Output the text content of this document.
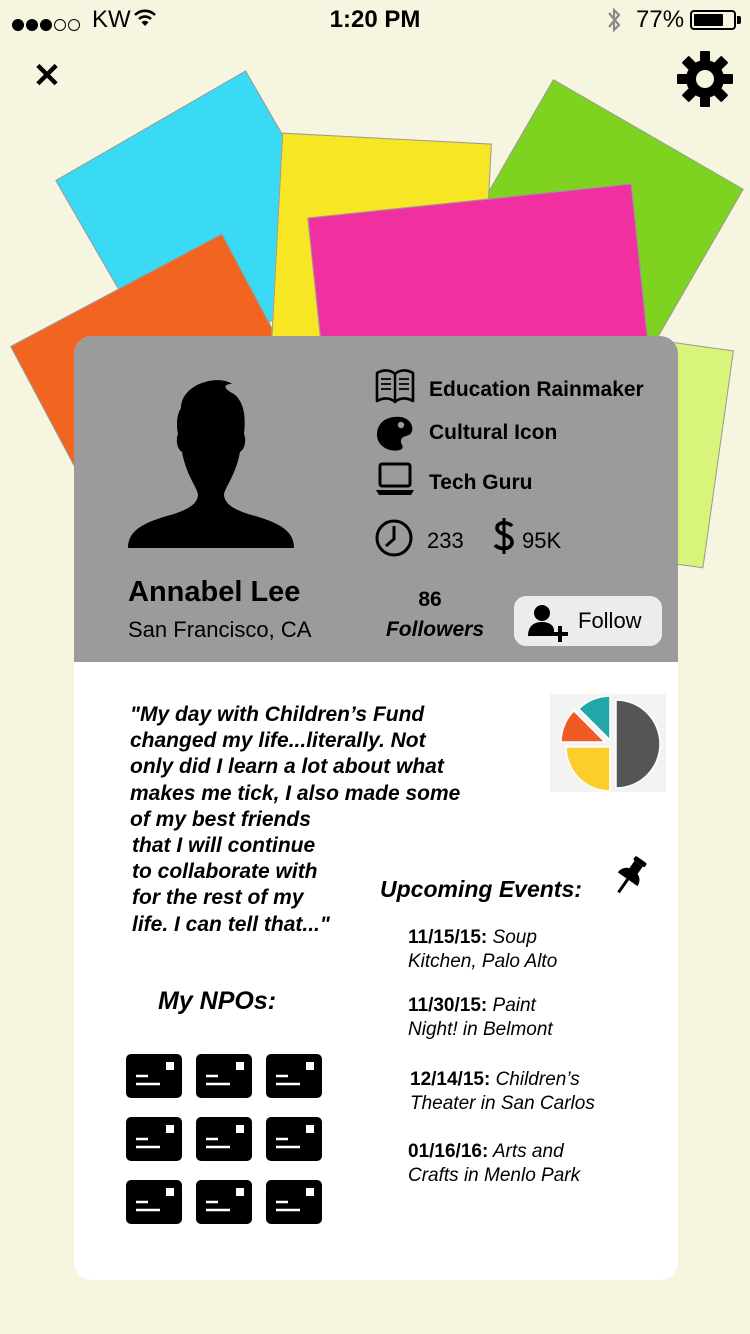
KW	1:20 PM	77%
✕
Annabel Lee
San Francisco, CA
Education Rainmaker
Cultural Icon
Tech Guru
233	95K
86
Followers	Follow
"My day with Children’s Fund
changed my life...literally. Not
only did I learn a lot about what
makes me tick, I also made some
of my best friends
that I will continue
to collaborate with
for the rest of my
life. I can tell that..."
Upcoming Events:
11/15/15: Soup
Kitchen, Palo Alto
11/30/15: Paint
Night! in Belmont
12/14/15: Children’s
Theater in San Carlos
01/16/16: Arts and
Crafts in Menlo Park
My NPOs:
